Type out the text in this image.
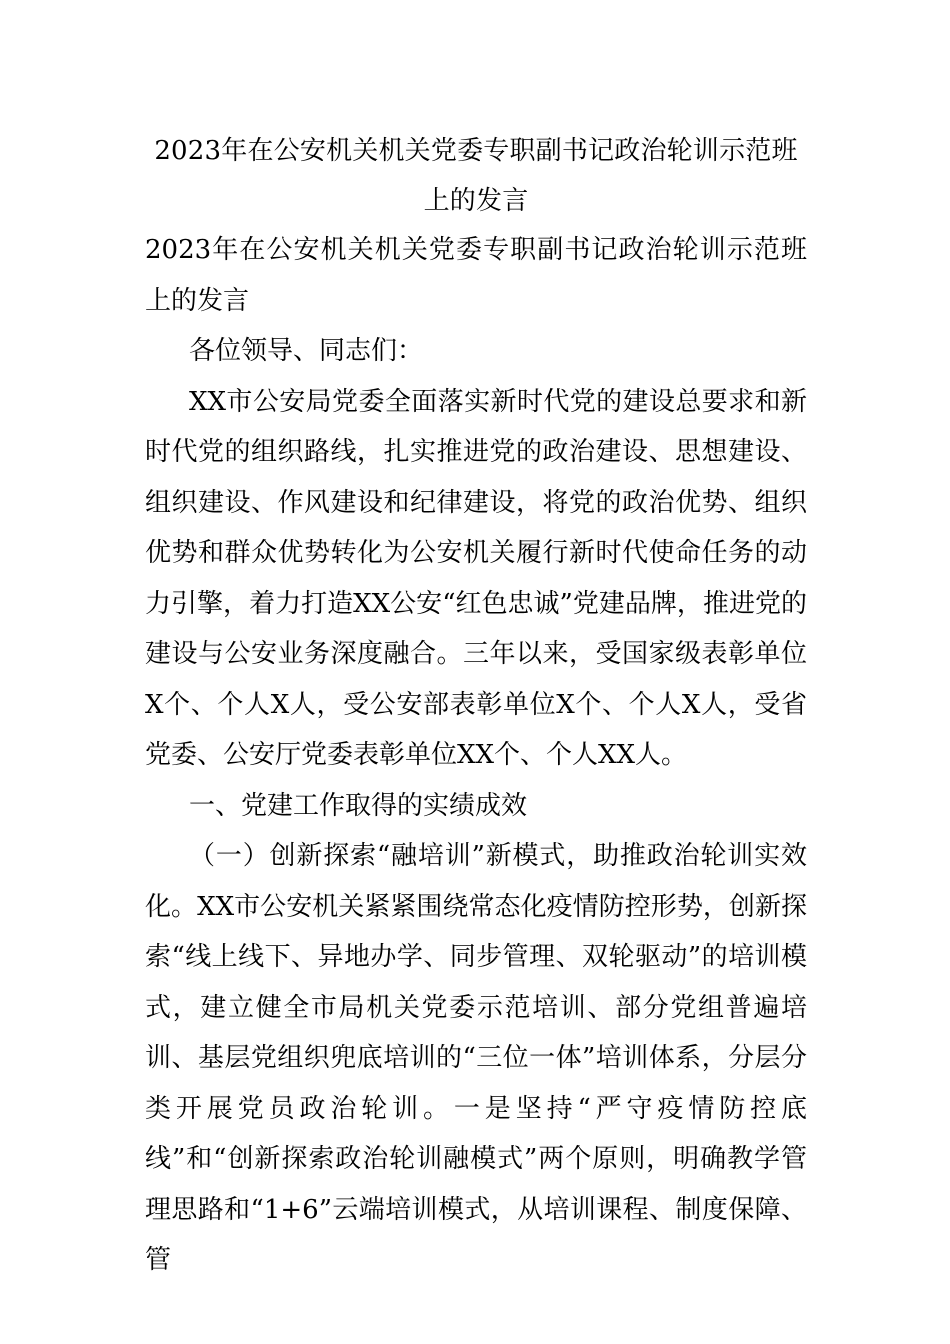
2023年在公安机关机关党委专职副书记政治轮训示范班上的发言

2023年在公安机关机关党委专职副书记政治轮训示范班上的发言

各位领导、同志们：

XX市公安局党委全面落实新时代党的建设总要求和新时代党的组织路线，扎实推进党的政治建设、思想建设、组织建设、作风建设和纪律建设，将党的政治优势、组织优势和群众优势转化为公安机关履行新时代使命任务的动力引擎，着力打造XX公安“红色忠诚”党建品牌，推进党的建设与公安业务深度融合。三年以来，受国家级表彰单位X个、个人X人，受公安部表彰单位X个、个人X人，受省党委、公安厅党委表彰单位XX个、个人XX人。

一、党建工作取得的实绩成效

（一）创新探索“融培训”新模式，助推政治轮训实效化。XX市公安机关紧紧围绕常态化疫情防控形势，创新探索“线上线下、异地办学、同步管理、双轮驱动”的培训模式，建立健全市局机关党委示范培训、部分党组普遍培训、基层党组织兜底培训的“三位一体”培训体系，分层分类开展党员政治轮训。一是坚持“严守疫情防控底线”和“创新探索政治轮训融模式”两个原则，明确教学管理思路和“1+6”云端培训模式，从培训课程、制度保障、管
